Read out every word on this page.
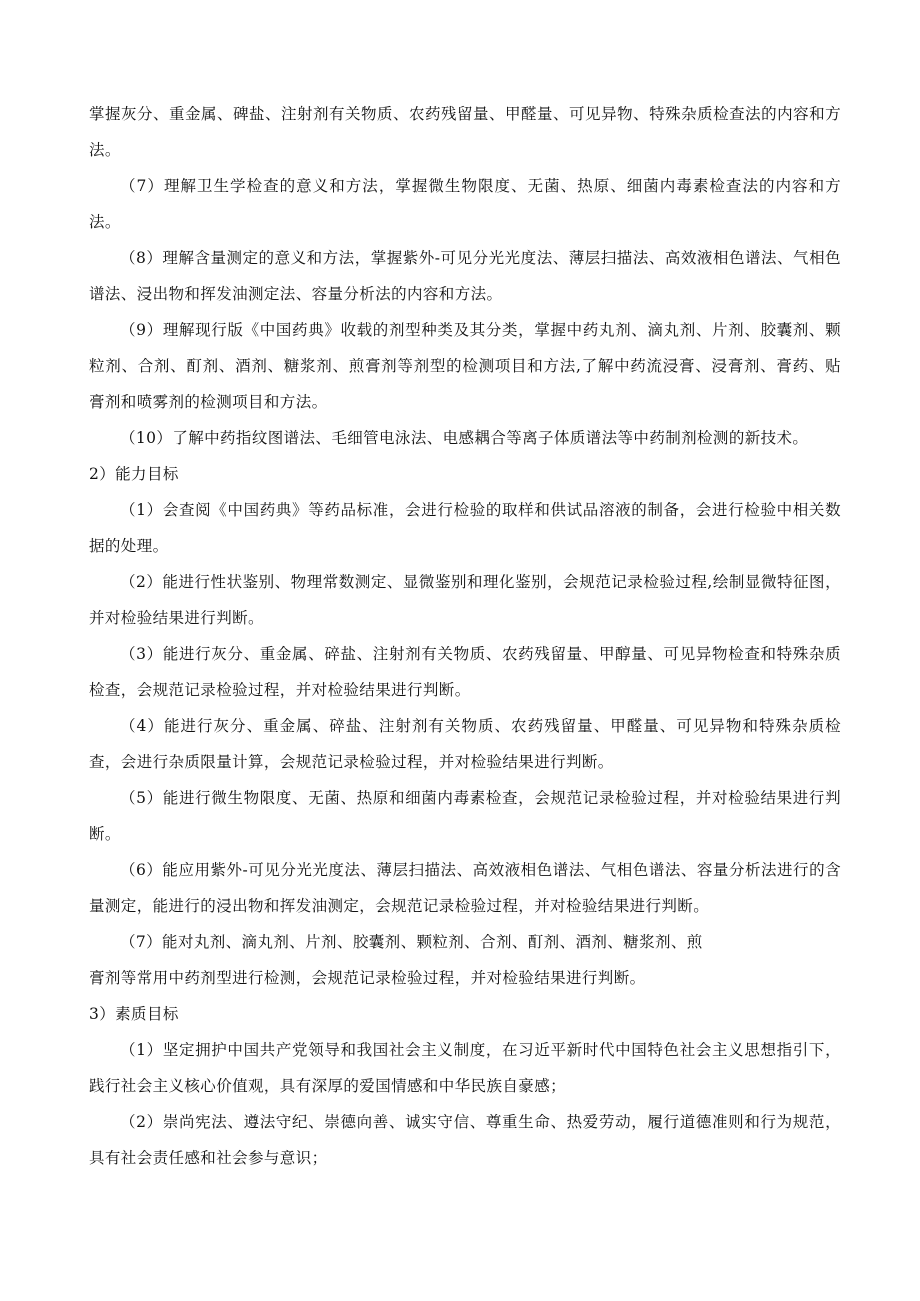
掌握灰分、重金属、碑盐、注射剂有关物质、农药残留量、甲醛量、可见异物、特殊杂质检查法的内容和方法。

（7）理解卫生学检查的意义和方法，掌握微生物限度、无菌、热原、细菌内毒素检查法的内容和方法。

（8）理解含量测定的意义和方法，掌握紫外-可见分光光度法、薄层扫描法、高效液相色谱法、气相色谱法、浸出物和挥发油测定法、容量分析法的内容和方法。

（9）理解现行版《中国药典》收载的剂型种类及其分类，掌握中药丸剂、滴丸剂、片剂、胶囊剂、颗粒剂、合剂、酊剂、酒剂、糖浆剂、煎膏剂等剂型的检测项目和方法,了解中药流浸膏、浸膏剂、膏药、贴膏剂和喷雾剂的检测项目和方法。

（10）了解中药指纹图谱法、毛细管电泳法、电感耦合等离子体质谱法等中药制剂检测的新技术。

2）能力目标

（1）会查阅《中国药典》等药品标准，会进行检验的取样和供试品溶液的制备，会进行检验中相关数据的处理。

（2）能进行性状鉴别、物理常数测定、显微鉴别和理化鉴别，会规范记录检验过程,绘制显微特征图，并对检验结果进行判断。

（3）能进行灰分、重金属、碎盐、注射剂有关物质、农药残留量、甲醇量、可见异物检查和特殊杂质检查，会规范记录检验过程，并对检验结果进行判断。

（4）能进行灰分、重金属、碎盐、注射剂有关物质、农药残留量、甲醛量、可见异物和特殊杂质检查，会进行杂质限量计算，会规范记录检验过程，并对检验结果进行判断。

（5）能进行微生物限度、无菌、热原和细菌内毒素检查，会规范记录检验过程，并对检验结果进行判断。

（6）能应用紫外-可见分光光度法、薄层扫描法、高效液相色谱法、气相色谱法、容量分析法进行的含量测定，能进行的浸出物和挥发油测定，会规范记录检验过程，并对检验结果进行判断。

（7）能对丸剂、滴丸剂、片剂、胶囊剂、颗粒剂、合剂、酊剂、酒剂、糖浆剂、煎

膏剂等常用中药剂型进行检测，会规范记录检验过程，并对检验结果进行判断。

3）素质目标

（1）坚定拥护中国共产党领导和我国社会主义制度，在习近平新时代中国特色社会主义思想指引下，践行社会主义核心价值观，具有深厚的爱国情感和中华民族自豪感；

（2）崇尚宪法、遵法守纪、崇德向善、诚实守信、尊重生命、热爱劳动，履行道德准则和行为规范，具有社会责任感和社会参与意识；
